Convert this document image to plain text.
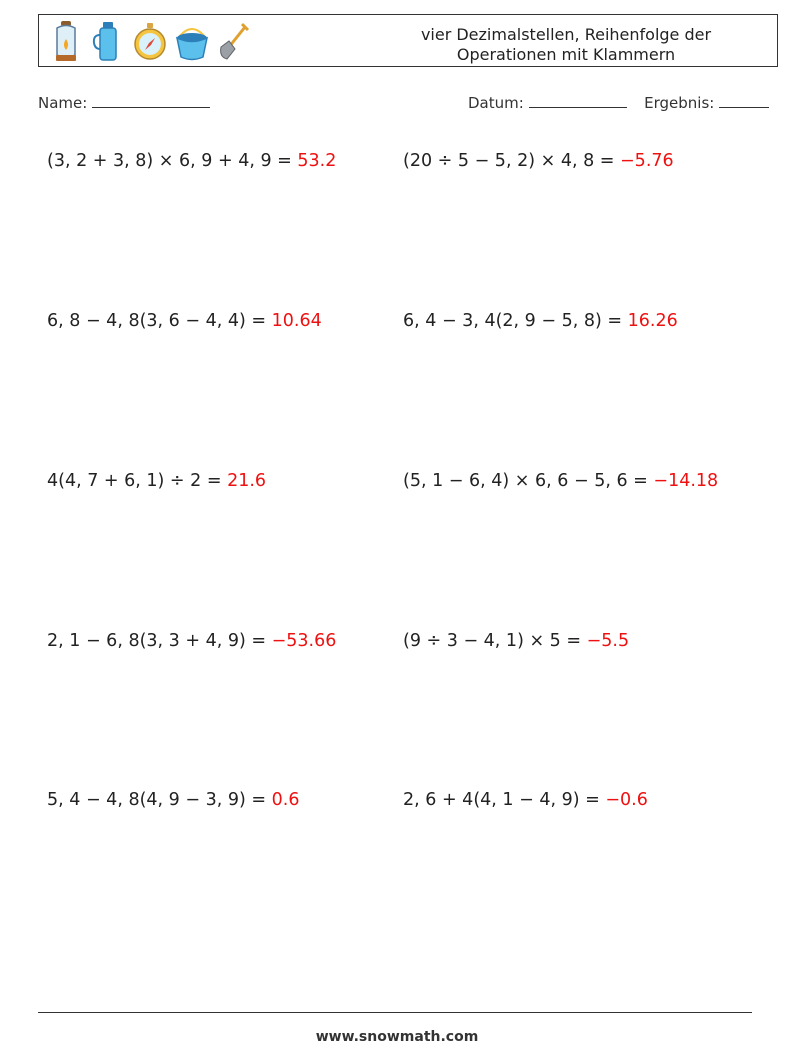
vier Dezimalstellen, Reihenfolge der
Operationen mit Klammern
Name:	Datum:	Ergebnis:
(3, 2 + 3, 8) × 6, 9 + 4, 9 = 53.2	(20 ÷ 5 − 5, 2) × 4, 8 = −5.76
6, 8 − 4, 8(3, 6 − 4, 4) = 10.64	6, 4 − 3, 4(2, 9 − 5, 8) = 16.26
4(4, 7 + 6, 1) ÷ 2 = 21.6	(5, 1 − 6, 4) × 6, 6 − 5, 6 = −14.18
2, 1 − 6, 8(3, 3 + 4, 9) = −53.66	(9 ÷ 3 − 4, 1) × 5 = −5.5
5, 4 − 4, 8(4, 9 − 3, 9) = 0.6	2, 6 + 4(4, 1 − 4, 9) = −0.6
www.snowmath.com
